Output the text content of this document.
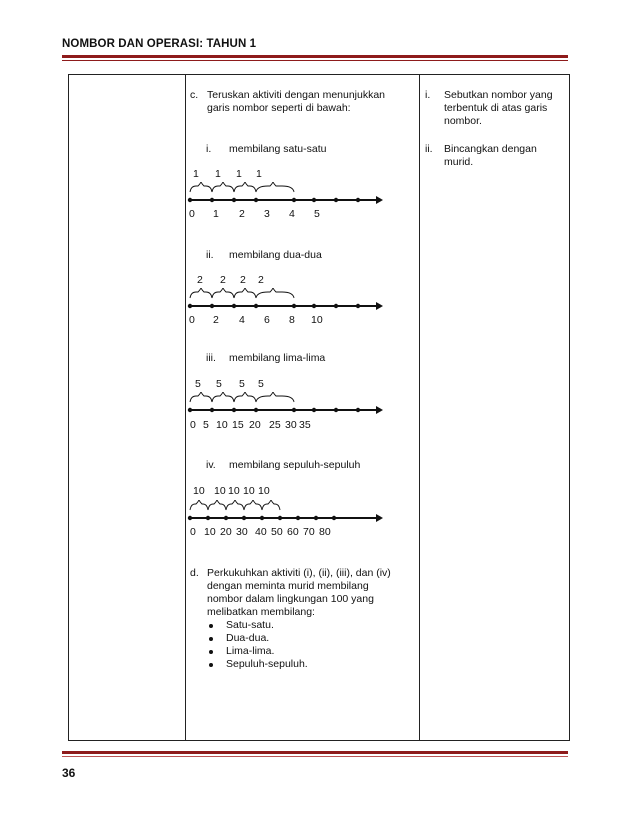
NOMBOR DAN OPERASI: TAHUN 1
c. Teruskan aktiviti dengan menunjukkan
garis nombor seperti di bawah:
i. membilang satu-satu
1 1 1 1
0 1 2 3 4 5
ii. membilang dua-dua
2 2 2 2
0 2 4 6 8 10
iii. membilang lima-lima
5 5 5 5
0 5 10 15 20 25 30 35
iv. membilang sepuluh-sepuluh
10 10 10 10 10
0 10 20 30 40 50 60 70 80
d. Perkukuhkan aktiviti (i), (ii), (iii), dan (iv)
dengan meminta murid membilang
nombor dalam lingkungan 100 yang
melibatkan membilang:
Satu-satu.
Dua-dua.
Lima-lima.
Sepuluh-sepuluh.
i. Sebutkan nombor yang
terbentuk di atas garis
nombor.
ii. Bincangkan dengan
murid.
36
